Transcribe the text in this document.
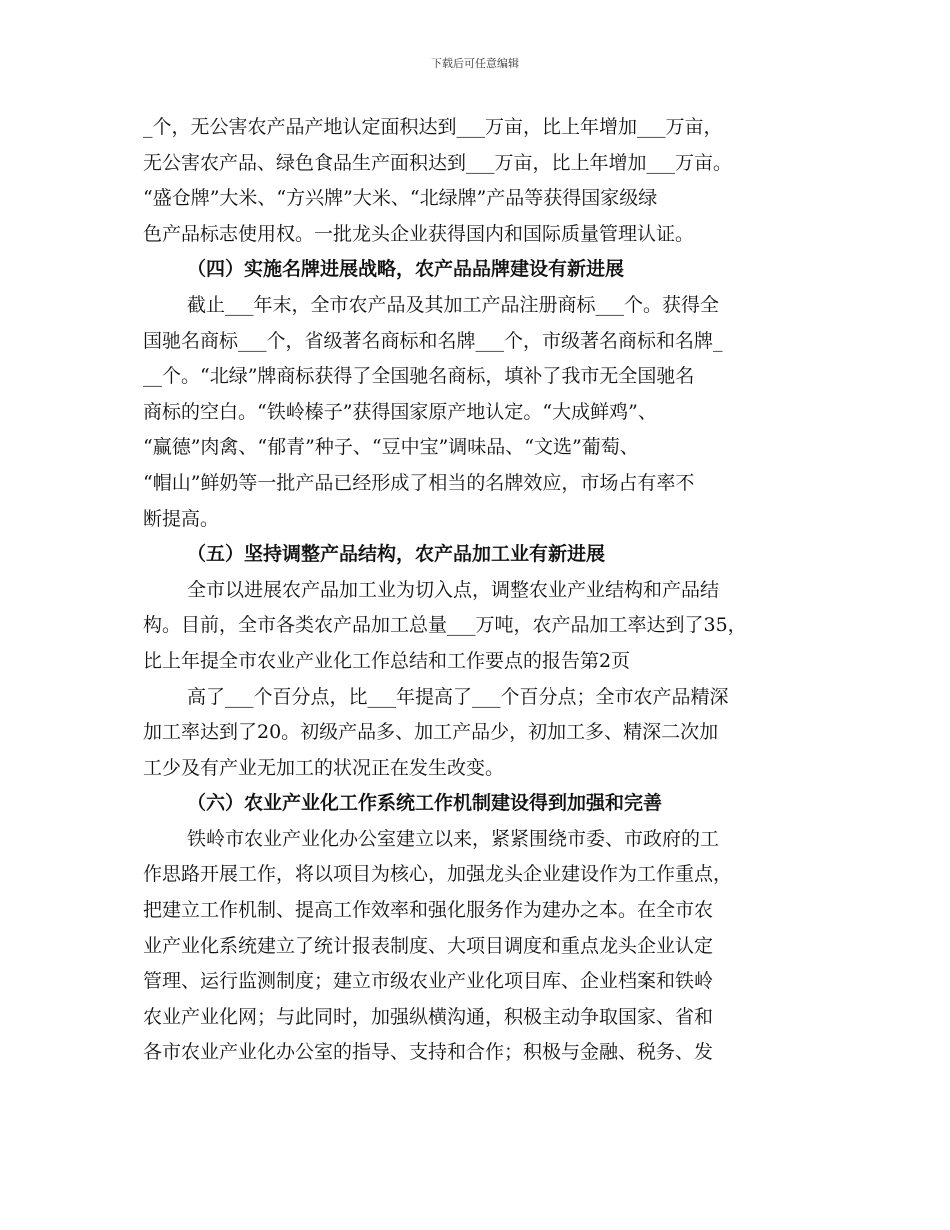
下载后可任意编辑
_个，无公害农产品产地认定面积达到___万亩，比上年增加___万亩，
无公害农产品、绿色食品生产面积达到___万亩，比上年增加___万亩。
“盛仓牌”大米、“方兴牌”大米、“北绿牌”产品等获得国家级绿
色产品标志使用权。一批龙头企业获得国内和国际质量管理认证。
（四）实施名牌进展战略，农产品品牌建设有新进展
截止___年末，全市农产品及其加工产品注册商标___个。获得全
国驰名商标___个，省级著名商标和名牌___个，市级著名商标和名牌_
__个。“北绿”牌商标获得了全国驰名商标，填补了我市无全国驰名
商标的空白。“铁岭榛子”获得国家原产地认定。“大成鲜鸡”、
“赢德”肉禽、“郁青”种子、“豆中宝”调味品、“文选”葡萄、
“帽山”鲜奶等一批产品已经形成了相当的名牌效应，市场占有率不
断提高。
（五）坚持调整产品结构，农产品加工业有新进展
全市以进展农产品加工业为切入点，调整农业产业结构和产品结
构。目前，全市各类农产品加工总量___万吨，农产品加工率达到了35，
比上年提全市农业产业化工作总结和工作要点的报告第2页
高了___个百分点，比___年提高了___个百分点；全市农产品精深
加工率达到了20。初级产品多、加工产品少，初加工多、精深二次加
工少及有产业无加工的状况正在发生改变。
（六）农业产业化工作系统工作机制建设得到加强和完善
铁岭市农业产业化办公室建立以来，紧紧围绕市委、市政府的工
作思路开展工作，将以项目为核心，加强龙头企业建设作为工作重点，
把建立工作机制、提高工作效率和强化服务作为建办之本。在全市农
业产业化系统建立了统计报表制度、大项目调度和重点龙头企业认定
管理、运行监测制度；建立市级农业产业化项目库、企业档案和铁岭
农业产业化网；与此同时，加强纵横沟通，积极主动争取国家、省和
各市农业产业化办公室的指导、支持和合作；积极与金融、税务、发
